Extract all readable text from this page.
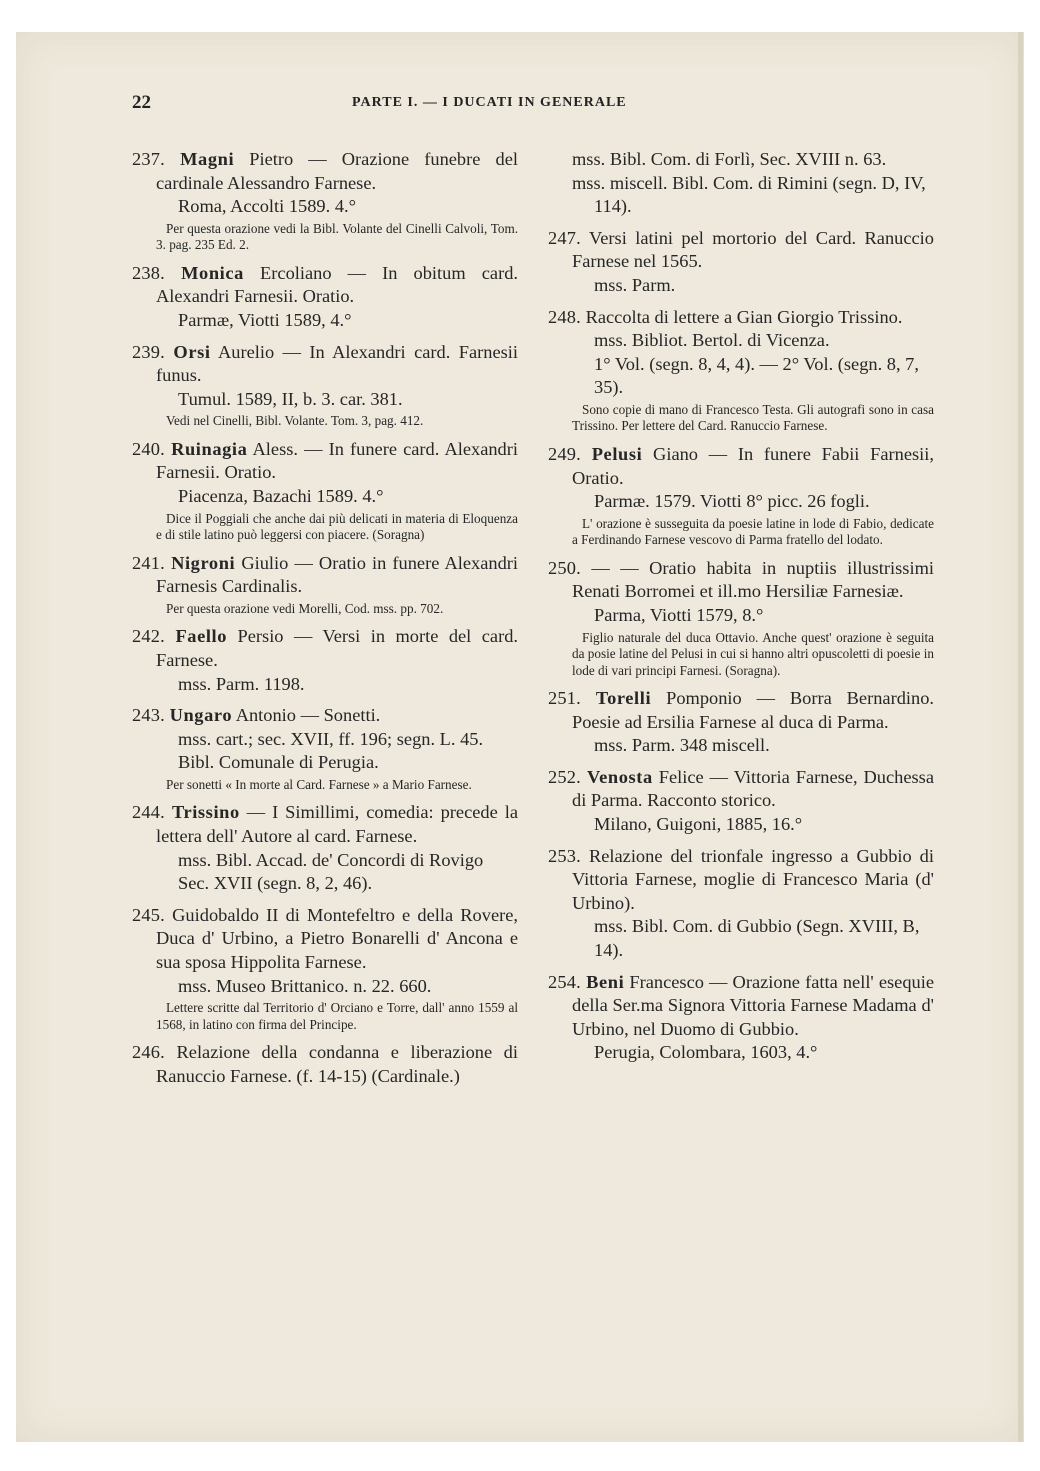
22	PARTE I. — I DUCATI IN GENERALE
237. Magni Pietro — Orazione funebre del cardinale Alessandro Farnese.
Roma, Accolti 1589. 4.°
Per questa orazione vedi la Bibl. Volante del Cinelli Calvoli, Tom. 3. pag. 235 Ed. 2.
238. Monica Ercoliano — In obitum card. Alexandri Farnesii. Oratio.
Parmæ, Viotti 1589, 4.°
239. Orsi Aurelio — In Alexandri card. Farnesii funus.
Tumul. 1589, II, b. 3. car. 381.
Vedi nel Cinelli, Bibl. Volante. Tom. 3, pag. 412.
240. Ruinagia Aless. — In funere card. Alexandri Farnesii. Oratio.
Piacenza, Bazachi 1589. 4.°
Dice il Poggiali che anche dai più delicati in materia di Eloquenza e di stile latino può leggersi con piacere. (Soragna)
241. Nigroni Giulio — Oratio in funere Alexandri Farnesis Cardinalis.
Per questa orazione vedi Morelli, Cod. mss. pp. 702.
242. Faello Persio — Versi in morte del card. Farnese.
mss. Parm. 1198.
243. Ungaro Antonio — Sonetti.
mss. cart.; sec. XVII, ff. 196; segn. L. 45.
Bibl. Comunale di Perugia.
Per sonetti « In morte al Card. Farnese » a Mario Farnese.
244. Trissino — I Simillimi, comedia: precede la lettera dell' Autore al card. Farnese.
mss. Bibl. Accad. de' Concordi di Rovigo Sec. XVII (segn. 8, 2, 46).
245. Guidobaldo II di Montefeltro e della Rovere, Duca d' Urbino, a Pietro Bonarelli d' Ancona e sua sposa Hippolita Farnese.
mss. Museo Brittanico. n. 22. 660.
Lettere scritte dal Territorio d' Orciano e Torre, dall' anno 1559 al 1568, in latino con firma del Principe.
246. Relazione della condanna e liberazione di Ranuccio Farnese. (f. 14-15) (Cardinale.)
mss. Bibl. Com. di Forlì, Sec. XVIII n. 63.
mss. miscell. Bibl. Com. di Rimini (segn. D, IV, 114).
247. Versi latini pel mortorio del Card. Ranuccio Farnese nel 1565.
mss. Parm.
248. Raccolta di lettere a Gian Giorgio Trissino.
mss. Bibliot. Bertol. di Vicenza.
1° Vol. (segn. 8, 4, 4). — 2° Vol. (segn. 8, 7, 35).
Sono copie di mano di Francesco Testa. Gli autografi sono in casa Trissino. Per lettere del Card. Ranuccio Farnese.
249. Pelusi Giano — In funere Fabii Farnesii, Oratio.
Parmæ. 1579. Viotti 8° picc. 26 fogli.
L' orazione è susseguita da poesie latine in lode di Fabio, dedicate a Ferdinando Farnese vescovo di Parma fratello del lodato.
250. — — Oratio habita in nuptiis illustrissimi Renati Borromei et ill.mo Hersiliæ Farnesiæ.
Parma, Viotti 1579, 8.°
Figlio naturale del duca Ottavio. Anche quest' orazione è seguita da posie latine del Pelusi in cui si hanno altri opuscoletti di poesie in lode di vari principi Farnesi. (Soragna).
251. Torelli Pomponio — Borra Bernardino. Poesie ad Ersilia Farnese al duca di Parma.
mss. Parm. 348 miscell.
252. Venosta Felice — Vittoria Farnese, Duchessa di Parma. Racconto storico.
Milano, Guigoni, 1885, 16.°
253. Relazione del trionfale ingresso a Gubbio di Vittoria Farnese, moglie di Francesco Maria (d' Urbino).
mss. Bibl. Com. di Gubbio (Segn. XVIII, B, 14).
254. Beni Francesco — Orazione fatta nell' esequie della Ser.ma Signora Vittoria Farnese Madama d' Urbino, nel Duomo di Gubbio.
Perugia, Colombara, 1603, 4.°
